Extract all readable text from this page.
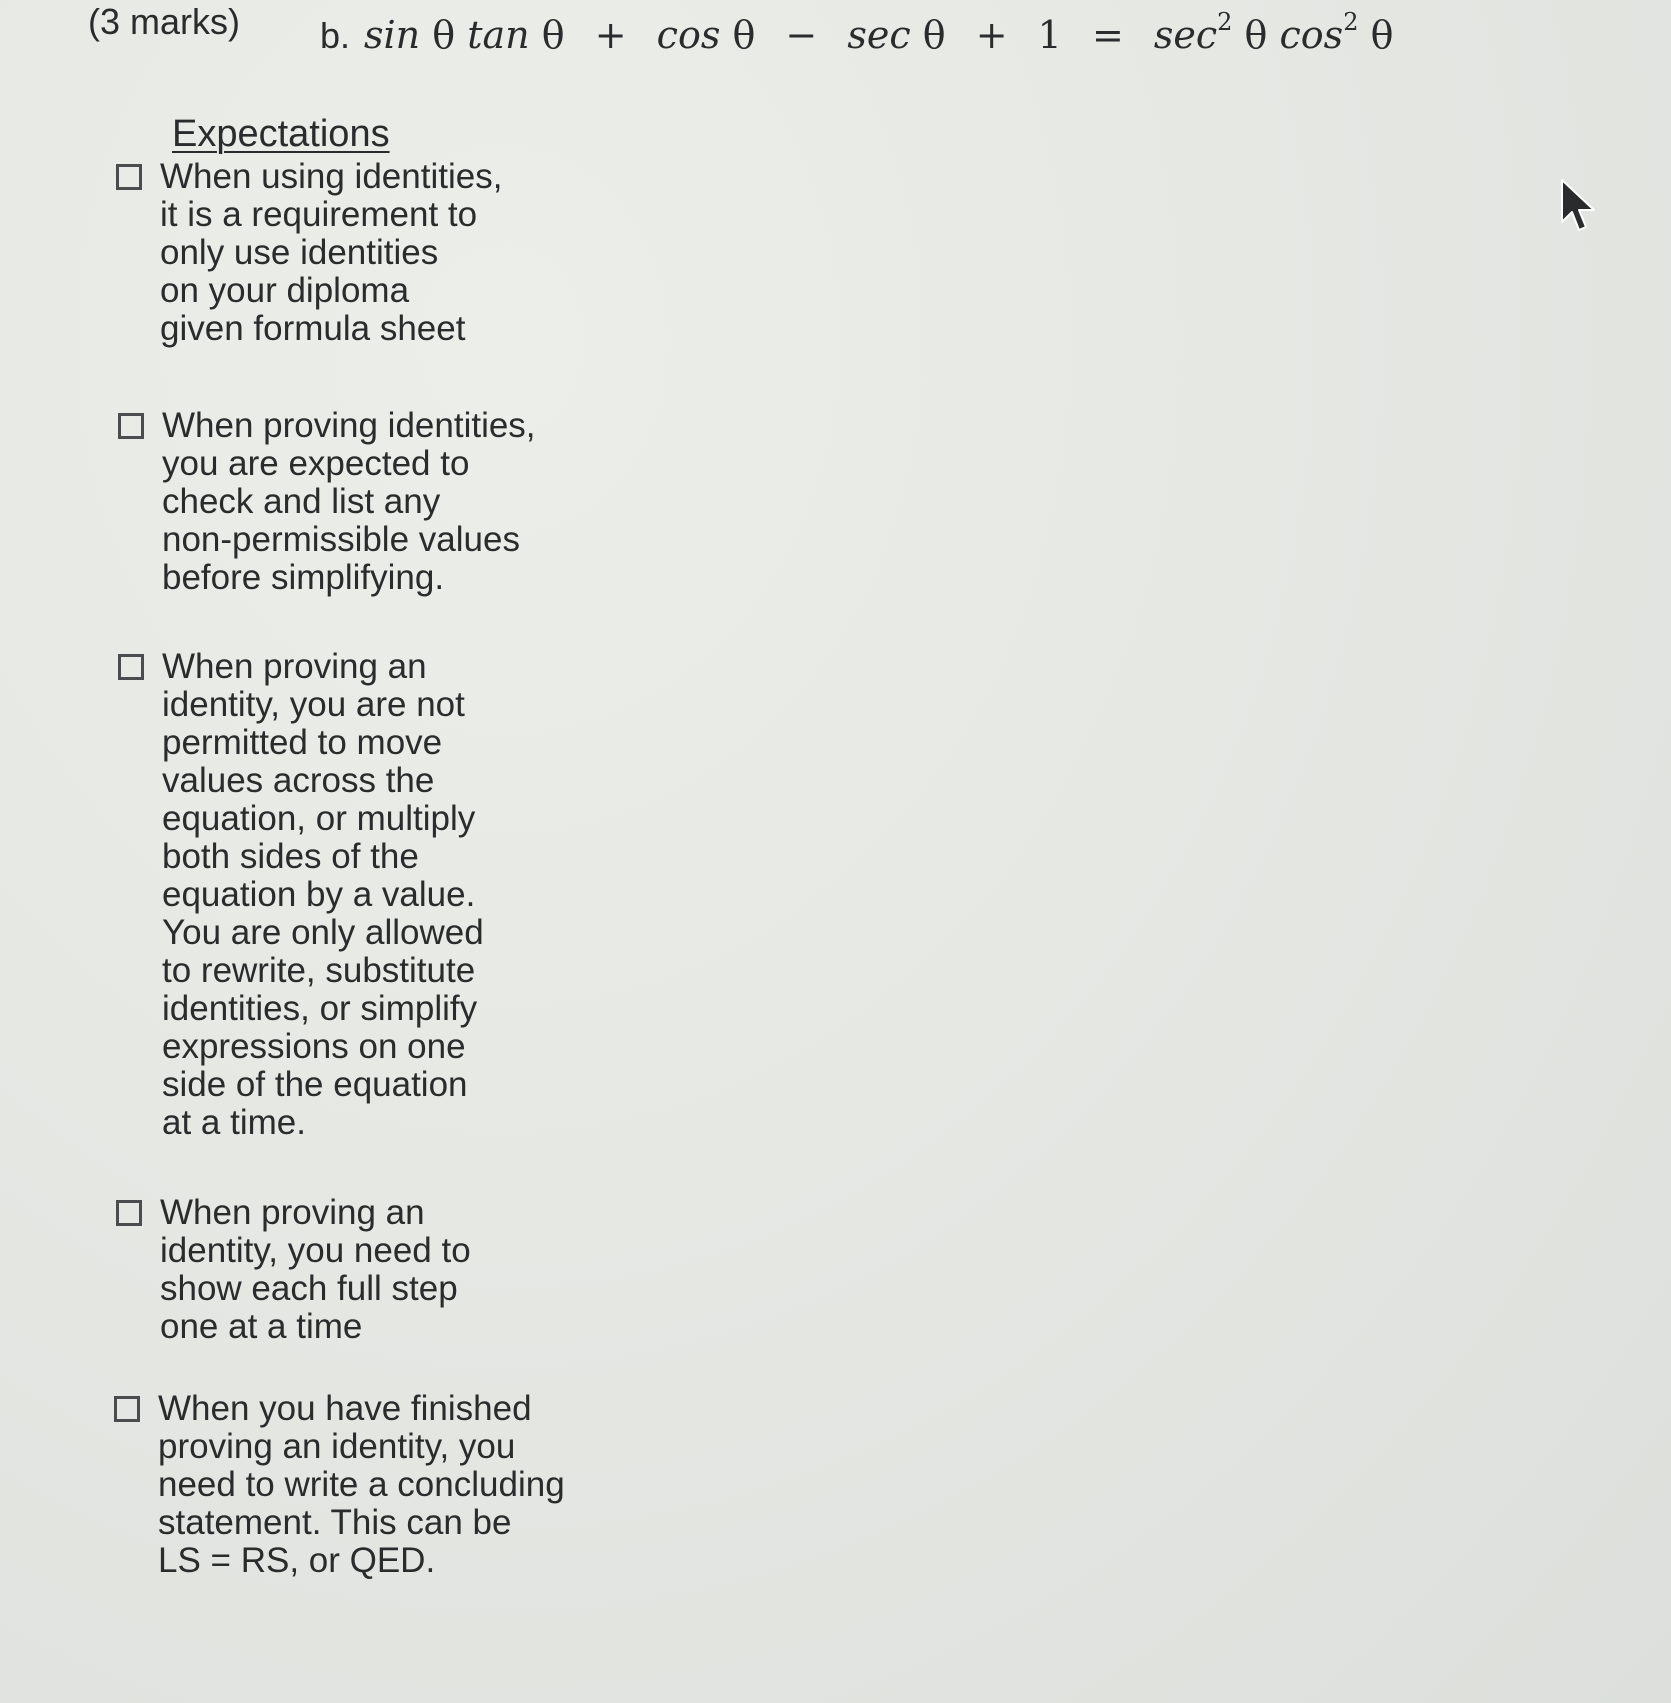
(3 marks) b. sin θ $\tan \theta + \cos \theta - \sec \theta + 1 = \sec^2 \theta$ $\cos^2 \theta$
Expectations
When using identities,
it is a requirement to
only use identities
on your diploma
given formula sheet
When proving identities,
you are expected to
check and list any
non-permissible values
before simplifying.
When proving an
identity, you are not
permitted to move
values across the
equation, or multiply
both sides of the
equation by a value.
You are only allowed
to rewrite, substitute
identities, or simplify
expressions on one
side of the equation
at a time.
When proving an
identity, you need to
show each full step
one at a time
When you have finished
proving an identity, you
need to write a concluding
statement. This can be
LS = RS, or QED.
